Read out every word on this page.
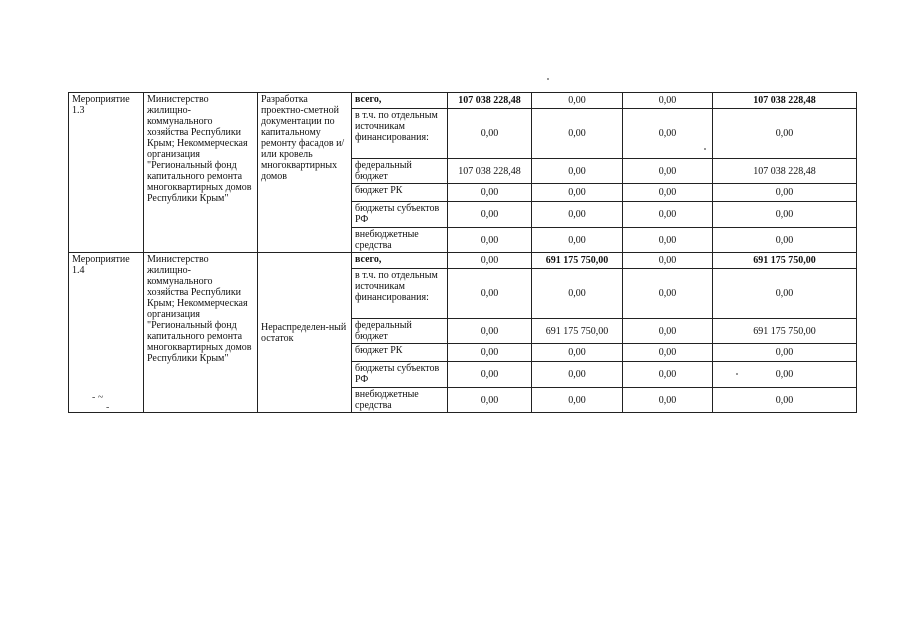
Мероприятие 1.3	Министерство жилищно-коммунального хозяйства Республики Крым; Некоммерческая организация "Региональный фонд капитального ремонта многоквартирных домов Республики Крым"	Разработка проектно-сметной документации по капитальному ремонту фасадов и/или кровель многоквартирных домов	всего,	107 038 228,48	0,00	0,00	107 038 228,48
			в т.ч. по отдельным источникам финансирования:	0,00	0,00	0,00	0,00
			федеральный бюджет	107 038 228,48	0,00	0,00	107 038 228,48
			бюджет РК	0,00	0,00	0,00	0,00
			бюджеты субъектов РФ	0,00	0,00	0,00	0,00
			внебюджетные средства	0,00	0,00	0,00	0,00
Мероприятие 1.4	Министерство жилищно-коммунального хозяйства Республики Крым; Некоммерческая организация "Региональный фонд капитального ремонта многоквартирных домов Республики Крым"	Нераспределен-ный остаток	всего,	0,00	691 175 750,00	0,00	691 175 750,00
			в т.ч. по отдельным источникам финансирования:	0,00	0,00	0,00	0,00
			федеральный бюджет	0,00	691 175 750,00	0,00	691 175 750,00
			бюджет РК	0,00	0,00	0,00	0,00
			бюджеты субъектов РФ	0,00	0,00	0,00	0,00
			внебюджетные средства	0,00	0,00	0,00	0,00
- ~
-
